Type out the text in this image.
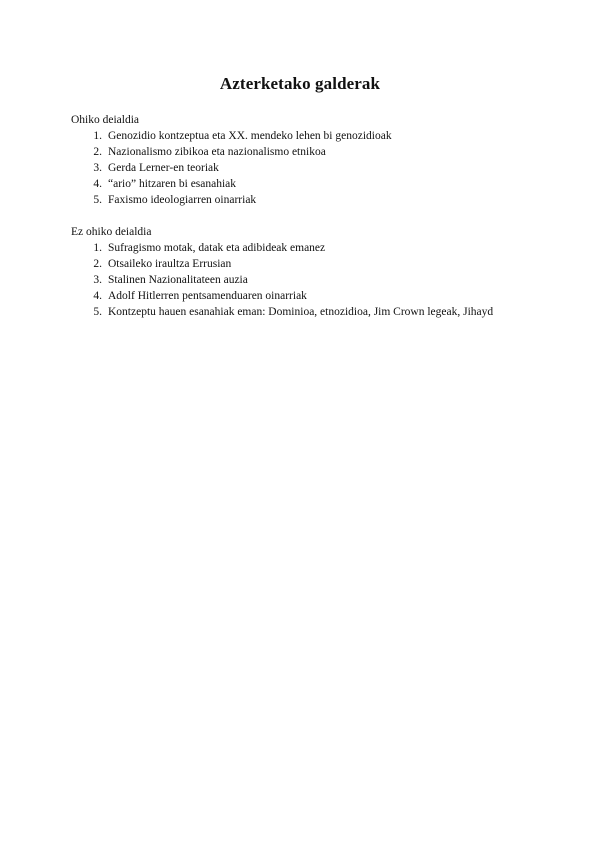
Azterketako galderak
Ohiko deialdia
1. Genozidio kontzeptua eta XX. mendeko lehen bi genozidioak
2. Nazionalismo zibikoa eta nazionalismo etnikoa
3. Gerda Lerner-en teoriak
4. “ario” hitzaren bi esanahiak
5. Faxismo ideologiarren oinarriak
Ez ohiko deialdia
1. Sufragismo motak, datak eta adibideak emanez
2. Otsaileko iraultza Errusian
3. Stalinen Nazionalitateen auzia
4. Adolf Hitlerren pentsamenduaren oinarriak
5. Kontzeptu hauen esanahiak eman: Dominioa, etnozidioa, Jim Crown legeak, Jihayd
